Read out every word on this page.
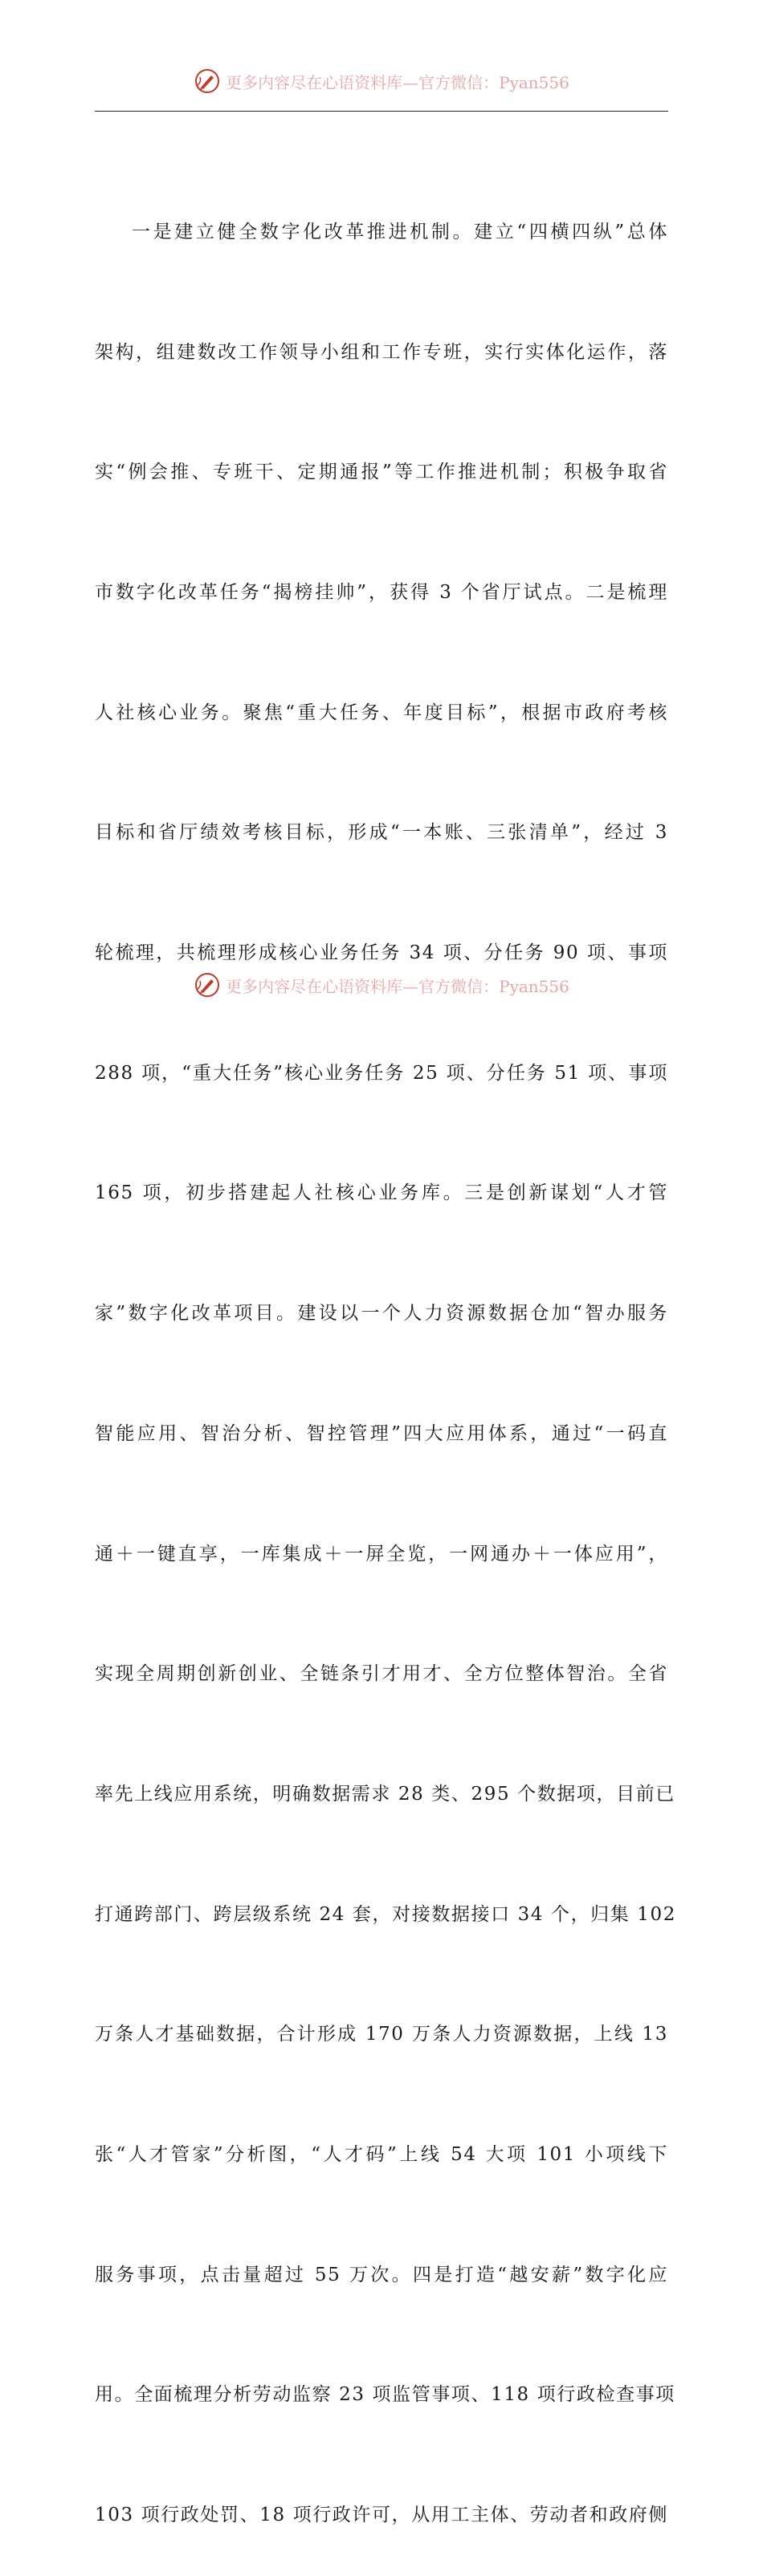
更多内容尽在心语资料库—官方微信：Pyan556

一是建立健全数字化改革推进机制。建立“四横四纵”总体

架构，组建数改工作领导小组和工作专班，实行实体化运作，落

实“例会推、专班干、定期通报”等工作推进机制；积极争取省

市数字化改革任务“揭榜挂帅”，获得 3 个省厅试点。二是梳理

人社核心业务。聚焦“重大任务、年度目标”，根据市政府考核

目标和省厅绩效考核目标，形成“一本账、三张清单”，经过 3

轮梳理，共梳理形成核心业务任务 34 项、分任务 90 项、事项

288 项，“重大任务”核心业务任务 25 项、分任务 51 项、事项

165 项，初步搭建起人社核心业务库。三是创新谋划“人才管

家”数字化改革项目。建设以一个人力资源数据仓加“智办服务

智能应用、智治分析、智控管理”四大应用体系，通过“一码直

通＋一键直享，一库集成＋一屏全览，一网通办＋一体应用”，

实现全周期创新创业、全链条引才用才、全方位整体智治。全省

率先上线应用系统，明确数据需求 28 类、295 个数据项，目前已

打通跨部门、跨层级系统 24 套，对接数据接口 34 个，归集 102

万条人才基础数据，合计形成 170 万条人力资源数据，上线 13

张“人才管家”分析图，“人才码”上线 54 大项 101 小项线下

服务事项，点击量超过 55 万次。四是打造“越安薪”数字化应

用。全面梳理分析劳动监察 23 项监管事项、118 项行政检查事项

103 项行政处罚、18 项行政许可，从用工主体、劳动者和政府侧

更多内容尽在心语资料库—官方微信：Pyan556
